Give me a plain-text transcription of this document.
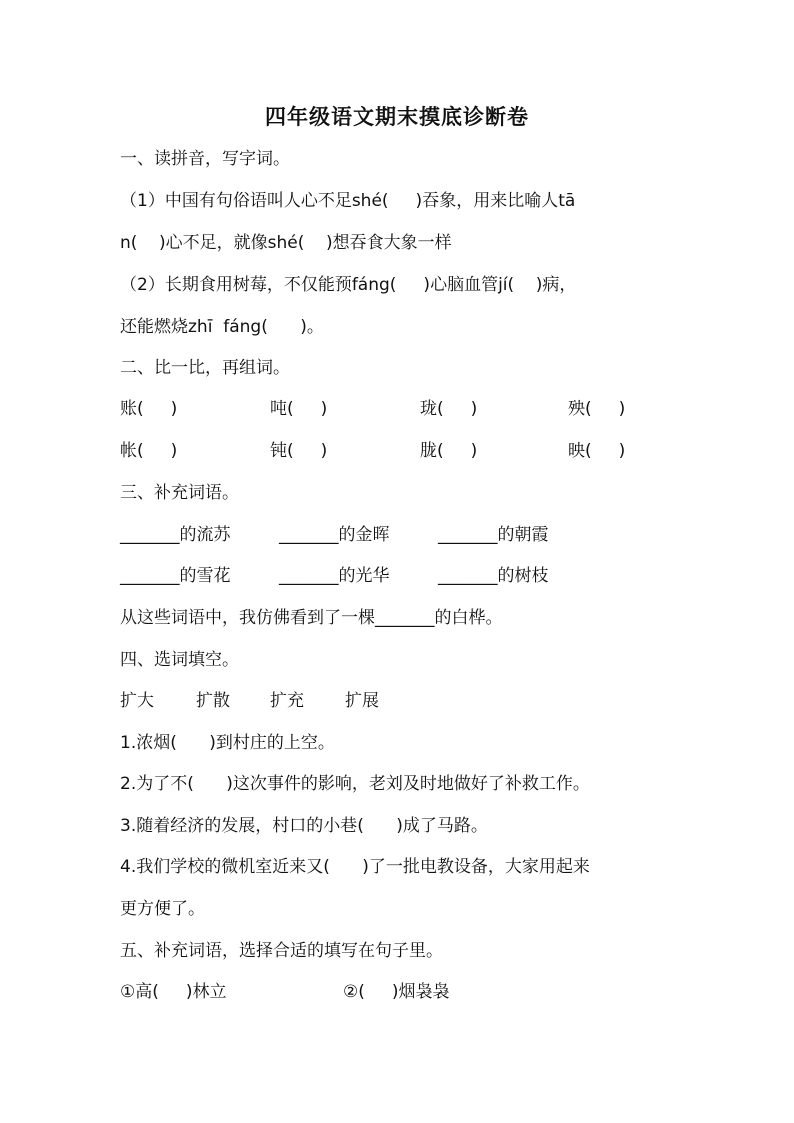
四年级语文期末摸底诊断卷
一、读拼音，写字词。
（1）中国有句俗语叫人心不足shé(     )吞象，用来比喻人tā
n(    )心不足，就像shé(    )想吞食大象一样
（2）长期食用树莓，不仅能预fáng(     )心脑血管jí(    )病，
还能燃烧zhī  fáng(      )。
二、比一比，再组词。
账(     )	吨(     )	珑(     )	殃(     )
帐(     )	钝(     )	胧(     )	映(     )
三、补充词语。
_______的流苏	_______的金晖	_______的朝霞
_______的雪花	_______的光华	_______的树枝
从这些词语中，我仿佛看到了一棵_______的白桦。
四、选词填空。
扩大 扩散 扩充 扩展
1.浓烟(      )到村庄的上空。
2.为了不(      )这次事件的影响，老刘及时地做好了补救工作。
3.随着经济的发展，村口的小巷(      )成了马路。
4.我们学校的微机室近来又(      )了一批电教设备，大家用起来
更方便了。
五、补充词语，选择合适的填写在句子里。
①高(     )林立	②(     )烟袅袅
